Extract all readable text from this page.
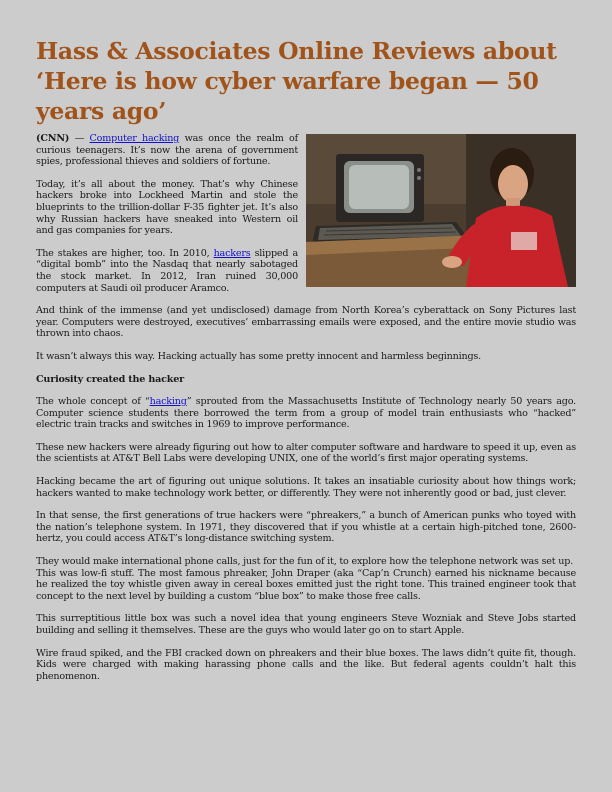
Hass & Associates Online Reviews about ‘Here is how cyber warfare began — 50 years ago’

(CNN) — Computer hacking was once the realm of curious teenagers. It’s now the arena of government spies, professional thieves and soldiers of fortune.

Today, it’s all about the money. That’s why Chinese hackers broke into Lockheed Martin and stole the blueprints to the trillion-dollar F-35 fighter jet. It’s also why Russian hackers have sneaked into Western oil and gas companies for years.

The stakes are higher, too. In 2010, hackers slipped a “digital bomb” into the Nasdaq that nearly sabotaged the stock market. In 2012, Iran ruined 30,000 computers at Saudi oil producer Aramco.

And think of the immense (and yet undisclosed) damage from North Korea’s cyberattack on Sony Pictures last year. Computers were destroyed, executives’ embarrassing emails were exposed, and the entire movie studio was thrown into chaos.

It wasn’t always this way. Hacking actually has some pretty innocent and harmless beginnings.

Curiosity created the hacker

The whole concept of “hacking” sprouted from the Massachusetts Institute of Technology nearly 50 years ago. Computer science students there borrowed the term from a group of model train enthusiasts who “hacked” electric train tracks and switches in 1969 to improve performance.

These new hackers were already figuring out how to alter computer software and hardware to speed it up, even as the scientists at AT&T Bell Labs were developing UNIX, one of the world’s first major operating systems.

Hacking became the art of figuring out unique solutions. It takes an insatiable curiosity about how things work; hackers wanted to make technology work better, or differently. They were not inherently good or bad, just clever.

In that sense, the first generations of true hackers were “phreakers,” a bunch of American punks who toyed with the nation’s telephone system. In 1971, they discovered that if you whistle at a certain high-pitched tone, 2600-hertz, you could access AT&T’s long-distance switching system.

They would make international phone calls, just for the fun of it, to explore how the telephone network was set up.

This was low-fi stuff. The most famous phreaker, John Draper (aka “Cap’n Crunch) earned his nickname because he realized the toy whistle given away in cereal boxes emitted just the right tone. This trained engineer took that concept to the next level by building a custom “blue box” to make those free calls.

This surreptitious little box was such a novel idea that young engineers Steve Wozniak and Steve Jobs started building and selling it themselves. These are the guys who would later go on to start Apple.

Wire fraud spiked, and the FBI cracked down on phreakers and their blue boxes. The laws didn’t quite fit, though. Kids were charged with making harassing phone calls and the like. But federal agents couldn’t halt this phenomenon.
